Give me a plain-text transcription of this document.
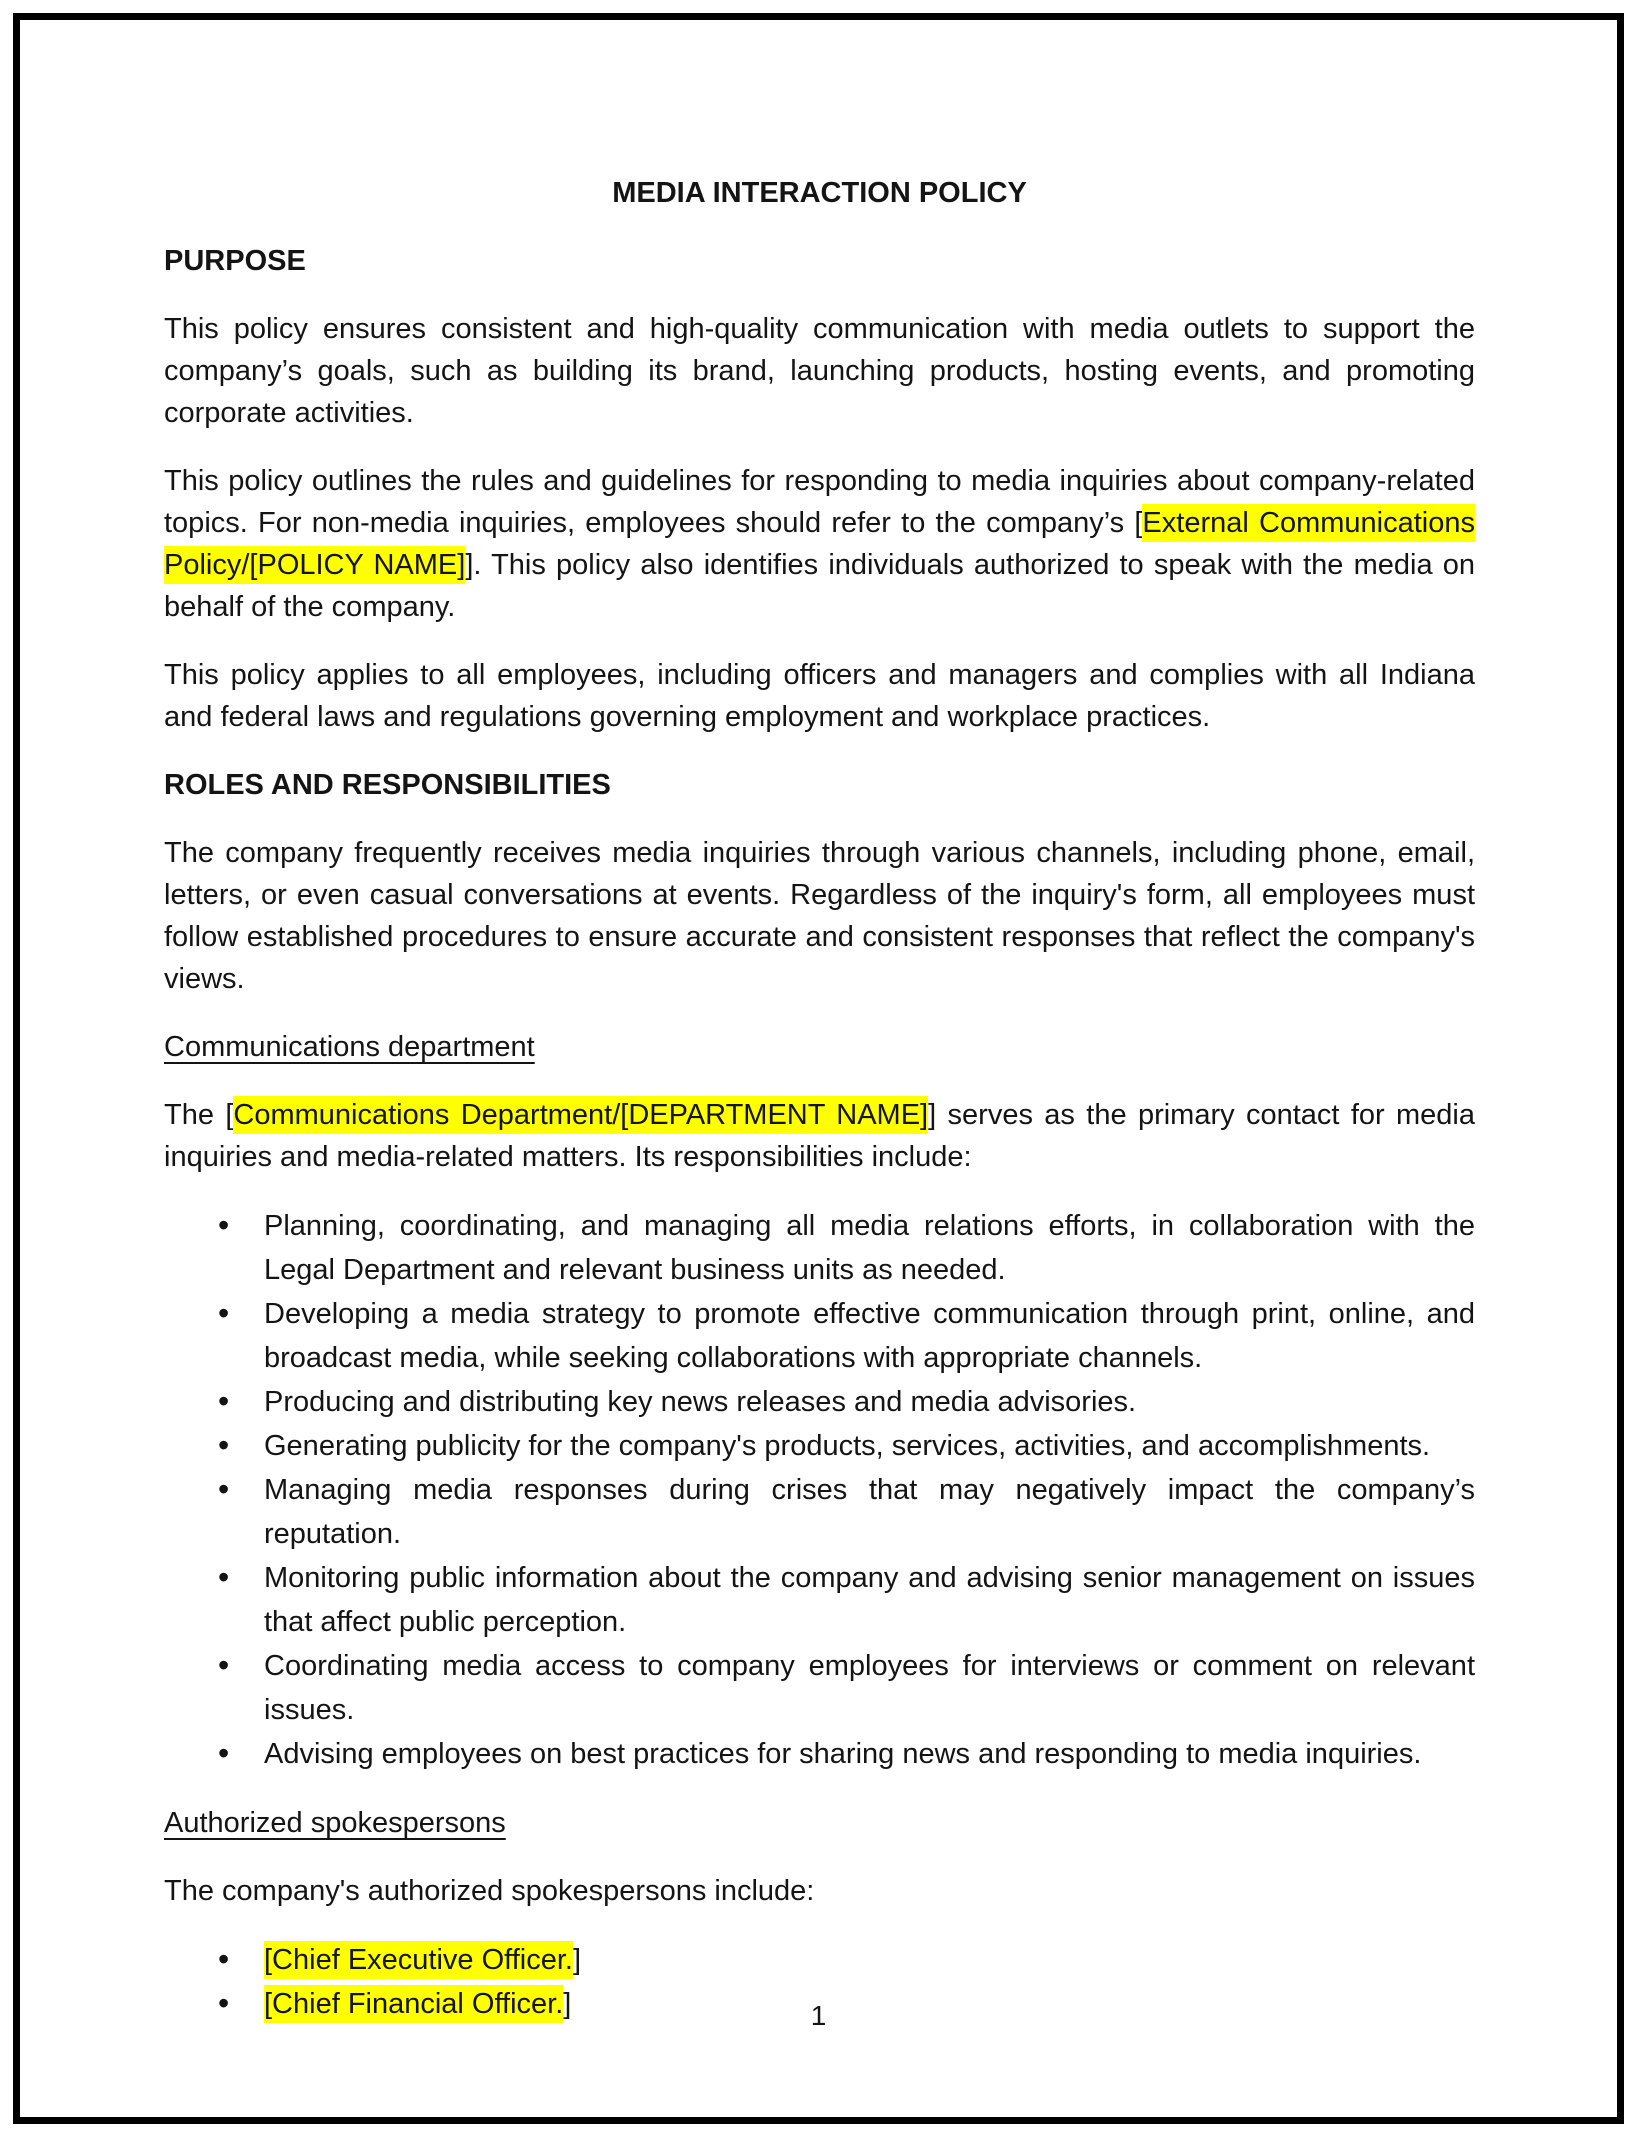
MEDIA INTERACTION POLICY
PURPOSE

This policy ensures consistent and high-quality communication with media outlets to support the company’s goals, such as building its brand, launching products, hosting events, and promoting corporate activities.

This policy outlines the rules and guidelines for responding to media inquiries about company-related topics. For non-media inquiries, employees should refer to the company’s [External Communications Policy/[POLICY NAME]]. This policy also identifies individuals authorized to speak with the media on behalf of the company.

This policy applies to all employees, including officers and managers and complies with all Indiana and federal laws and regulations governing employment and workplace practices.

ROLES AND RESPONSIBILITIES

The company frequently receives media inquiries through various channels, including phone, email, letters, or even casual conversations at events. Regardless of the inquiry's form, all employees must follow established procedures to ensure accurate and consistent responses that reflect the company's views.

Communications department

The [Communications Department/[DEPARTMENT NAME]] serves as the primary contact for media inquiries and media-related matters. Its responsibilities include:

• Planning, coordinating, and managing all media relations efforts, in collaboration with the Legal Department and relevant business units as needed.
• Developing a media strategy to promote effective communication through print, online, and broadcast media, while seeking collaborations with appropriate channels.
• Producing and distributing key news releases and media advisories.
• Generating publicity for the company's products, services, activities, and accomplishments.
• Managing media responses during crises that may negatively impact the company’s reputation.
• Monitoring public information about the company and advising senior management on issues that affect public perception.
• Coordinating media access to company employees for interviews or comment on relevant issues.
• Advising employees on best practices for sharing news and responding to media inquiries.
Authorized spokespersons

The company's authorized spokespersons include:

• [Chief Executive Officer.]
• [Chief Financial Officer.]	1
